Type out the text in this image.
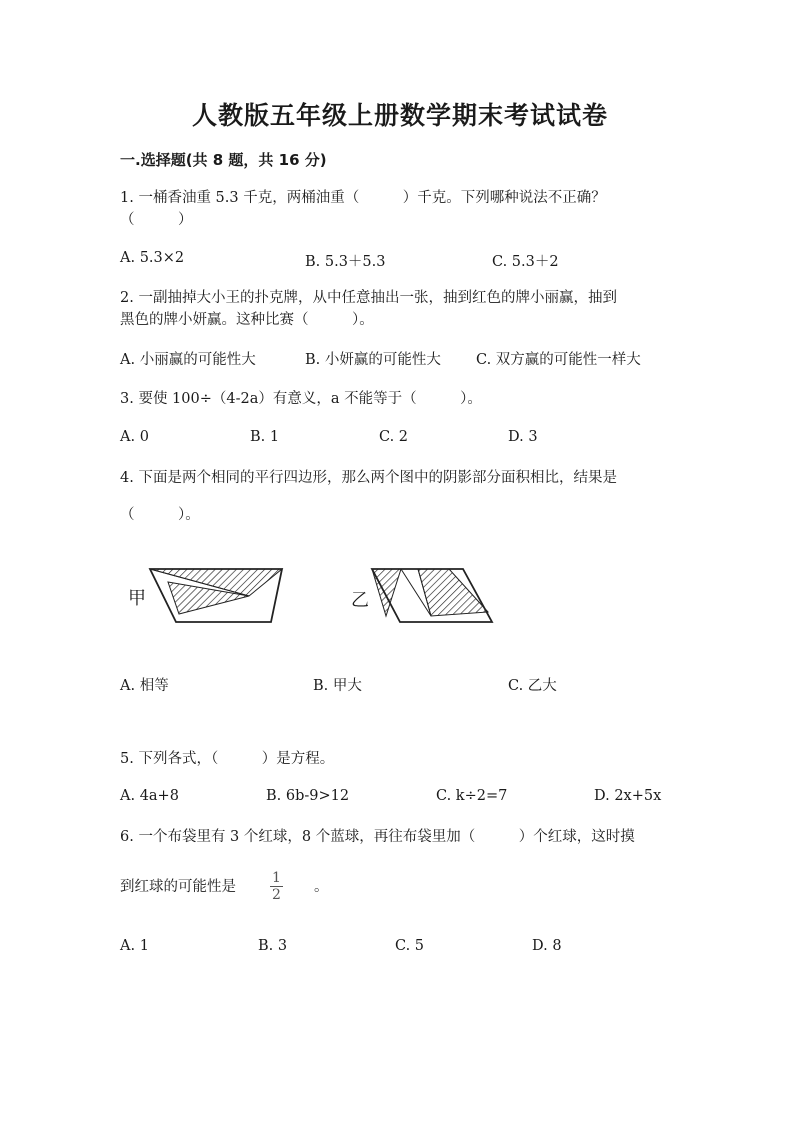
人教版五年级上册数学期末考试试卷
一.选择题(共 8 题，共 16 分)
1. 一桶香油重 5.3 千克，两桶油重（　　　）千克。下列哪种说法不正确？
（　　　）
A. 5.3×2	B. 5.3＋5.3	C. 5.3＋2
2. 一副抽掉大小王的扑克牌，从中任意抽出一张，抽到红色的牌小丽赢，抽到
黑色的牌小妍赢。这种比赛（　　　）。
A. 小丽赢的可能性大	B. 小妍赢的可能性大 C. 双方赢的可能性一样大
3. 要使 100÷（4-2a）有意义，a 不能等于（　　　）。
A. 0	B. 1	C. 2	D. 3
4. 下面是两个相同的平行四边形，那么两个图中的阴影部分面积相比，结果是
（　　　）。
甲	乙
A. 相等	B. 甲大	C. 乙大
5. 下列各式，（　　　）是方程。
A. 4a+8	B. 6b-9>12	C. k÷2=7	D. 2x+5x
6. 一个布袋里有 3 个红球，8 个蓝球，再往布袋里加（　　　）个红球，这时摸
到红球的可能性是 $\frac{1}{2}$ 。
A. 1	B. 3	C. 5	D. 8
